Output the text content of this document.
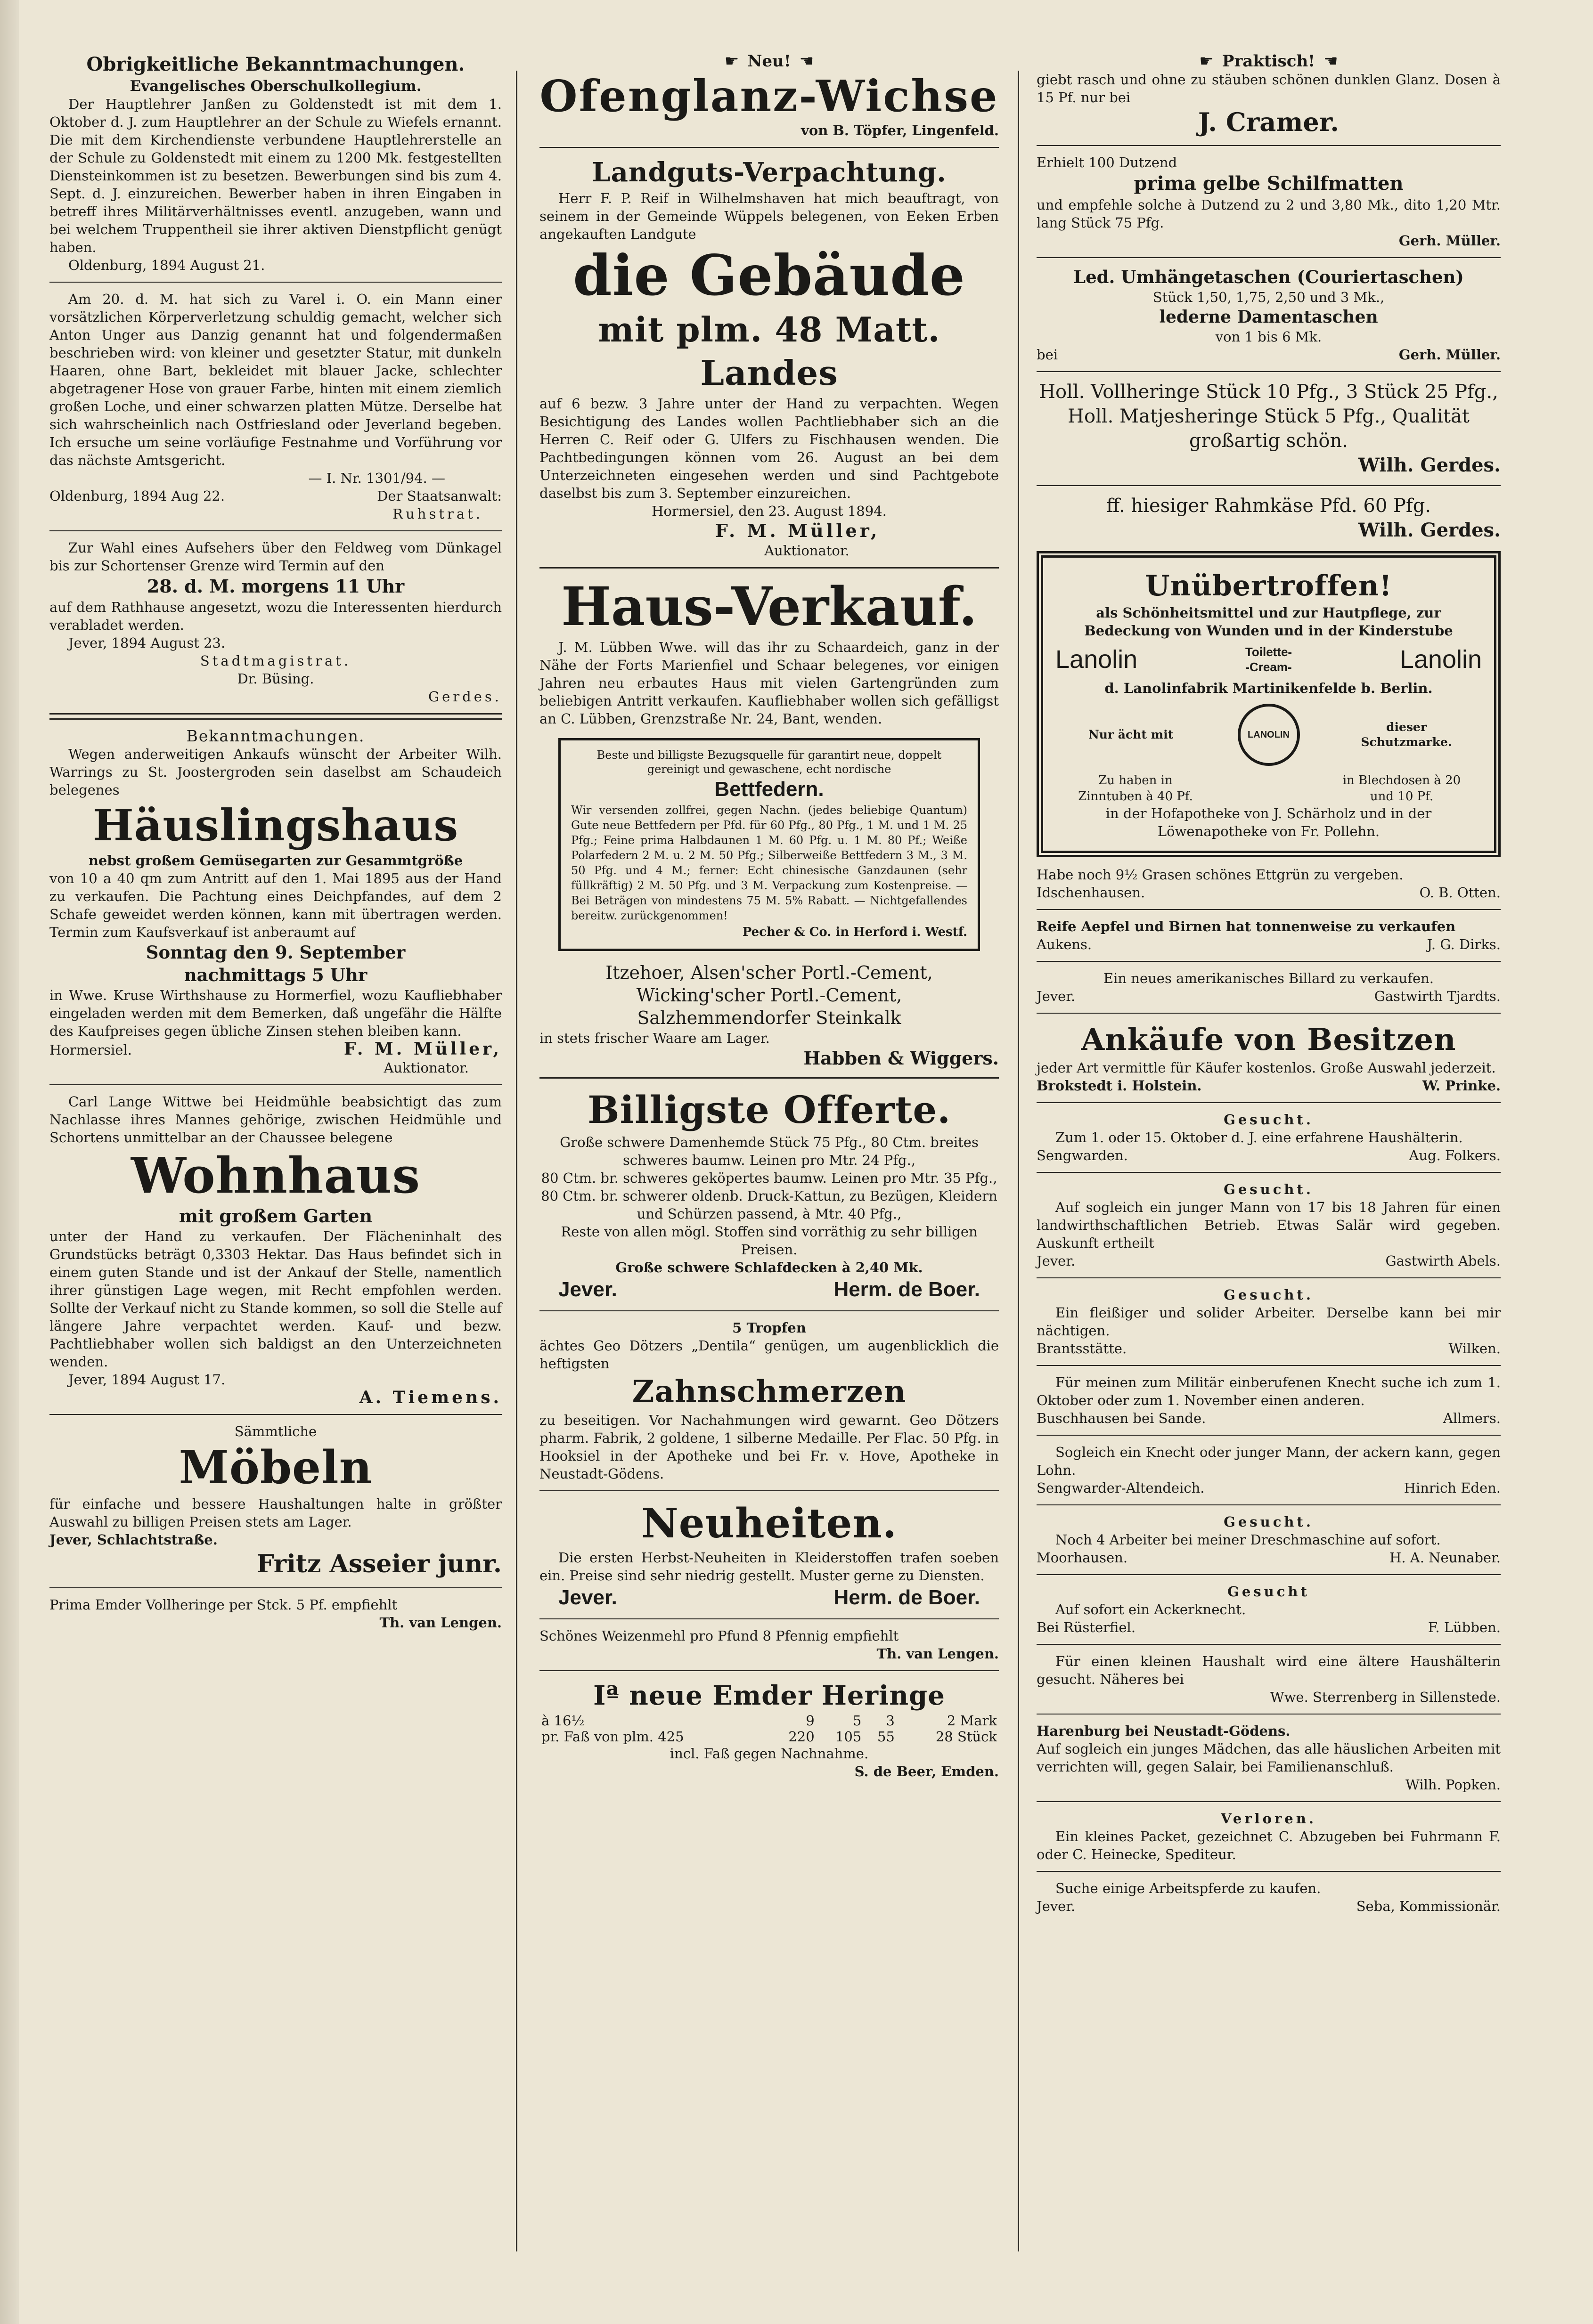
Obrigkeitliche Bekanntmachungen.

Evangelisches Oberschulkollegium.

Der Hauptlehrer Janßen zu Goldenstedt ist mit dem 1. Oktober d. J. zum Hauptlehrer an der Schule zu Wiefels ernannt. Die mit dem Kirchendienste verbundene Hauptlehrerstelle an der Schule zu Goldenstedt mit einem zu 1200 Mk. festgestellten Diensteinkommen ist zu besetzen. Bewerbungen sind bis zum 4. Sept. d. J. einzureichen. Bewerber haben in ihren Eingaben in betreff ihres Militärverhältnisses eventl. anzugeben, wann und bei welchem Truppentheil sie ihrer aktiven Dienstpflicht genügt haben.

Oldenburg, 1894 August 21.

Am 20. d. M. hat sich zu Varel i. O. ein Mann einer vorsätzlichen Körperverletzung schuldig gemacht, welcher sich Anton Unger aus Danzig genannt hat und folgendermaßen beschrieben wird: von kleiner und gesetzter Statur, mit dunkeln Haaren, ohne Bart, bekleidet mit blauer Jacke, schlechter abgetragener Hose von grauer Farbe, hinten mit einem ziemlich großen Loche, und einer schwarzen platten Mütze. Derselbe hat sich wahrscheinlich nach Ostfriesland oder Jeverland begeben. Ich ersuche um seine vorläufige Festnahme und Vorführung vor das nächste Amtsgericht.

— I. Nr. 1301/94. —

Oldenburg, 1894 Aug 22.	Der Staatsanwalt:

Ruhstrat.

Zur Wahl eines Aufsehers über den Feldweg vom Dünkagel bis zur Schortenser Grenze wird Termin auf den

28. d. M. morgens 11 Uhr

auf dem Rathhause angesetzt, wozu die Interessenten hierdurch verabladet werden.

Jever, 1894 August 23.

Stadtmagistrat.

Dr. Büsing.

Gerdes.

Bekanntmachungen.

Wegen anderweitigen Ankaufs wünscht der Arbeiter Wilh. Warrings zu St. Joostergroden sein daselbst am Schaudeich belegenes

Häuslingshaus

nebst großem Gemüsegarten zur Gesammtgröße

von 10 a 40 qm zum Antritt auf den 1. Mai 1895 aus der Hand zu verkaufen. Die Pachtung eines Deichpfandes, auf dem 2 Schafe geweidet werden können, kann mit übertragen werden. Termin zum Kaufsverkauf ist anberaumt auf

Sonntag den 9. September

nachmittags 5 Uhr

in Wwe. Kruse Wirthshause zu Hormerfiel, wozu Kaufliebhaber eingeladen werden mit dem Bemerken, daß ungefähr die Hälfte des Kaufpreises gegen übliche Zinsen stehen bleiben kann.

Hormersiel.	F. M. Müller,

Auktionator.

Carl Lange Wittwe bei Heidmühle beabsichtigt das zum Nachlasse ihres Mannes gehörige, zwischen Heidmühle und Schortens unmittelbar an der Chaussee belegene

Wohnhaus

mit großem Garten

unter der Hand zu verkaufen. Der Flächeninhalt des Grundstücks beträgt 0,3303 Hektar. Das Haus befindet sich in einem guten Stande und ist der Ankauf der Stelle, namentlich ihrer günstigen Lage wegen, mit Recht empfohlen werden. Sollte der Verkauf nicht zu Stande kommen, so soll die Stelle auf längere Jahre verpachtet werden. Kauf- und bezw. Pachtliebhaber wollen sich baldigst an den Unterzeichneten wenden.

Jever, 1894 August 17.

A. Tiemens.

Sämmtliche

Möbeln

für einfache und bessere Haushaltungen halte in größter Auswahl zu billigen Preisen stets am Lager.

Jever, Schlachtstraße.

Fritz Asseier junr.

Prima Emder Vollheringe per Stck. 5 Pf. empfiehlt

Th. van Lengen.

☛ Neu! ☚

Ofenglanz-Wichse

von B. Töpfer, Lingenfeld.

Landguts-Verpachtung.

Herr F. P. Reif in Wilhelmshaven hat mich beauftragt, von seinem in der Gemeinde Wüppels belegenen, von Eeken Erben angekauften Landgute

die Gebäude

mit plm. 48 Matt. Landes

auf 6 bezw. 3 Jahre unter der Hand zu verpachten. Wegen Besichtigung des Landes wollen Pachtliebhaber sich an die Herren C. Reif oder G. Ulfers zu Fischhausen wenden. Die Pachtbedingungen können vom 26. August an bei dem Unterzeichneten eingesehen werden und sind Pachtgebote daselbst bis zum 3. September einzureichen.

Hormersiel, den 23. August 1894.

F. M. Müller,

Auktionator.

Haus-Verkauf.

J. M. Lübben Wwe. will das ihr zu Schaardeich, ganz in der Nähe der Forts Marienfiel und Schaar belegenes, vor einigen Jahren neu erbautes Haus mit vielen Gartengründen zum beliebigen Antritt verkaufen. Kaufliebhaber wollen sich gefälligst an C. Lübben, Grenzstraße Nr. 24, Bant, wenden.

Beste und billigste Bezugsquelle für garantirt neue, doppelt gereinigt und gewaschene, echt nordische

Bettfedern.

Wir versenden zollfrei, gegen Nachn. (jedes beliebige Quantum) Gute neue Bettfedern per Pfd. für 60 Pfg., 80 Pfg., 1 M. und 1 M. 25 Pfg.; Feine prima Halbdaunen 1 M. 60 Pfg. u. 1 M. 80 Pf.; Weiße Polarfedern 2 M. u. 2 M. 50 Pfg.; Silberweiße Bettfedern 3 M., 3 M. 50 Pfg. und 4 M.; ferner: Echt chinesische Ganzdaunen (sehr füllkräftig) 2 M. 50 Pfg. und 3 M. Verpackung zum Kostenpreise. — Bei Beträgen von mindestens 75 M. 5% Rabatt. — Nichtgefallendes bereitw. zurückgenommen!

Pecher & Co. in Herford i. Westf.

Itzehoer, Alsen'scher Portl.-Cement,

Wicking'scher Portl.-Cement,

Salzhemmendorfer Steinkalk

in stets frischer Waare am Lager.

Habben & Wiggers.

Billigste Offerte.

Große schwere Damenhemde Stück 75 Pfg., 80 Ctm. breites schweres baumw. Leinen pro Mtr. 24 Pfg.,

80 Ctm. br. schweres geköpertes baumw. Leinen pro Mtr. 35 Pfg.,

80 Ctm. br. schwerer oldenb. Druck-Kattun, zu Bezügen, Kleidern und Schürzen passend, à Mtr. 40 Pfg.,

Reste von allen mögl. Stoffen sind vorräthig zu sehr billigen Preisen.

Große schwere Schlafdecken à 2,40 Mk.

Jever.	Herm. de Boer.

5 Tropfen

ächtes Geo Dötzers „Dentila“ genügen, um augenblicklich die heftigsten

Zahnschmerzen

zu beseitigen. Vor Nachahmungen wird gewarnt. Geo Dötzers pharm. Fabrik, 2 goldene, 1 silberne Medaille. Per Flac. 50 Pfg. in Hooksiel in der Apotheke und bei Fr. v. Hove, Apotheke in Neustadt-Gödens.

Neuheiten.

Die ersten Herbst-Neuheiten in Kleiderstoffen trafen soeben ein. Preise sind sehr niedrig gestellt. Muster gerne zu Diensten.

Jever.	Herm. de Boer.

Schönes Weizenmehl pro Pfund 8 Pfennig empfiehlt

Th. van Lengen.

Iª neue Emder Heringe

à 16½	9	5	3	2 Mark
pr. Faß von plm. 425	220	105	55	28 Stück

incl. Faß gegen Nachnahme.

S. de Beer, Emden.

☛ Praktisch! ☚

giebt rasch und ohne zu stäuben schönen dunklen Glanz. Dosen à 15 Pf. nur bei

J. Cramer.

Erhielt 100 Dutzend

prima gelbe Schilfmatten

und empfehle solche à Dutzend zu 2 und 3,80 Mk., dito 1,20 Mtr. lang Stück 75 Pfg.

Gerh. Müller.

Led. Umhängetaschen (Couriertaschen)

Stück 1,50, 1,75, 2,50 und 3 Mk.,

lederne Damentaschen

von 1 bis 6 Mk.

bei	Gerh. Müller.

Holl. Vollheringe Stück 10 Pfg., 3 Stück 25 Pfg., Holl. Matjesheringe Stück 5 Pfg., Qualität großartig schön.

Wilh. Gerdes.

ff. hiesiger Rahmkäse Pfd. 60 Pfg.

Wilh. Gerdes.

Unübertroffen!

als Schönheitsmittel und zur Hautpflege, zur Bedeckung von Wunden und in der Kinderstube

Lanolin	Toilette-

-Cream-	Lanolin

d. Lanolinfabrik Martinikenfelde b. Berlin.

Nur ächt mit	LANOLIN

dieser Schutzmarke.

Zu haben in Zinntuben à 40 Pf.

in Blechdosen à 20 und 10 Pf.

in der Hofapotheke von J. Schärholz und in der Löwenapotheke von Fr. Pollehn.

Habe noch 9½ Grasen schönes Ettgrün zu vergeben.

Idschenhausen.	O. B. Otten.

Reife Aepfel und Birnen hat tonnenweise zu verkaufen

Aukens.	J. G. Dirks.

Ein neues amerikanisches Billard zu verkaufen.

Jever.	Gastwirth Tjardts.

Ankäufe von Besitzen

jeder Art vermittle für Käufer kostenlos. Große Auswahl jederzeit.

Brokstedt i. Holstein.	W. Prinke.

Gesucht.

Zum 1. oder 15. Oktober d. J. eine erfahrene Haushälterin.

Sengwarden.	Aug. Folkers.

Gesucht.

Auf sogleich ein junger Mann von 17 bis 18 Jahren für einen landwirthschaftlichen Betrieb. Etwas Salär wird gegeben. Auskunft ertheilt

Jever.	Gastwirth Abels.

Gesucht.

Ein fleißiger und solider Arbeiter. Derselbe kann bei mir nächtigen.

Brantsstätte.	Wilken.

Für meinen zum Militär einberufenen Knecht suche ich zum 1. Oktober oder zum 1. November einen anderen.

Buschhausen bei Sande.	Allmers.

Sogleich ein Knecht oder junger Mann, der ackern kann, gegen Lohn.

Sengwarder-Altendeich.	Hinrich Eden.

Gesucht.

Noch 4 Arbeiter bei meiner Dreschmaschine auf sofort.

Moorhausen.	H. A. Neunaber.

Gesucht

Auf sofort ein Ackerknecht.

Bei Rüsterfiel.	F. Lübben.

Für einen kleinen Haushalt wird eine ältere Haushälterin gesucht. Näheres bei

Wwe. Sterrenberg in Sillenstede.

Harenburg bei Neustadt-Gödens.

Auf sogleich ein junges Mädchen, das alle häuslichen Arbeiten mit verrichten will, gegen Salair, bei Familienanschluß.

Wilh. Popken.

Verloren.

Ein kleines Packet, gezeichnet C. Abzugeben bei Fuhrmann F. oder C. Heinecke, Spediteur.

Suche einige Arbeitspferde zu kaufen.

Jever.	Seba, Kommissionär.
